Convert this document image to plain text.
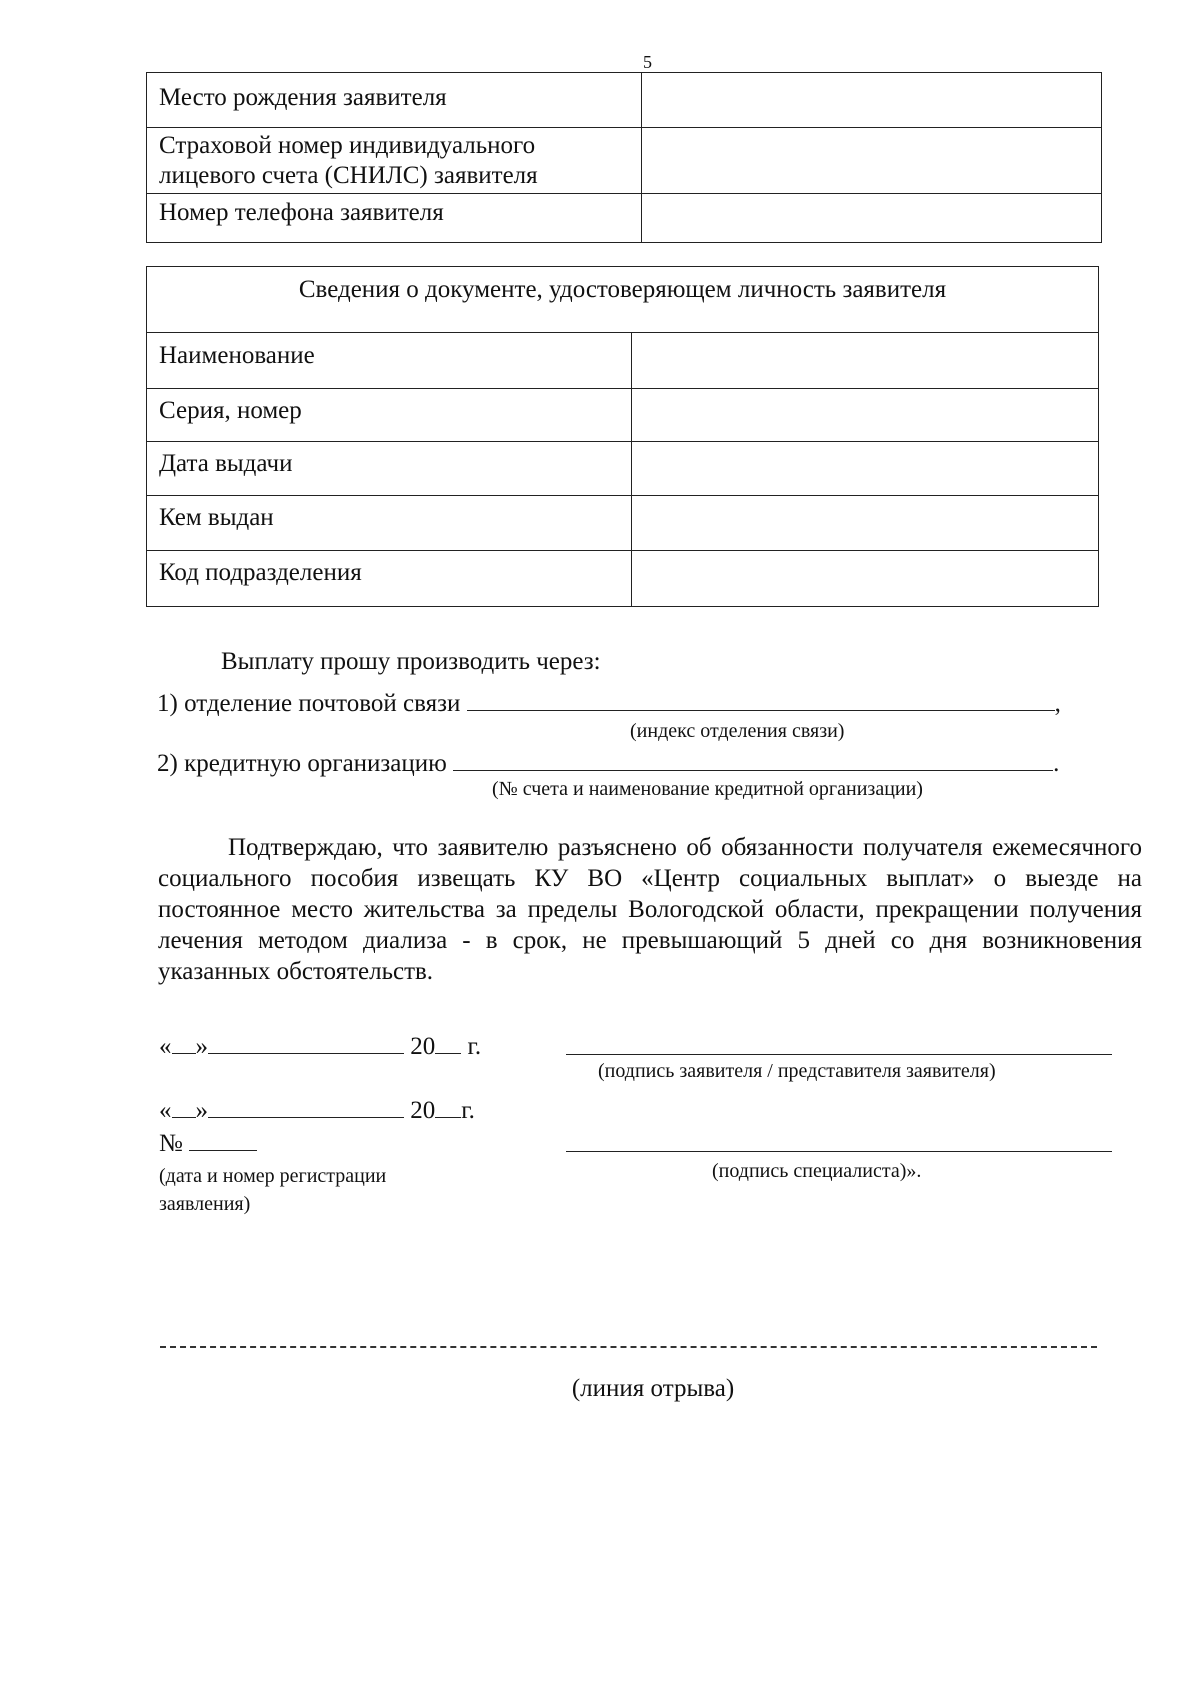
5
Место рождения заявителя	
Страховой номер индивидуального лицевого счета (СНИЛС) заявителя	
Номер телефона заявителя	
Сведения о документе, удостоверяющем личность заявителя	
Наименование	
Серия, номер	
Дата выдачи	
Кем выдан	
Код подразделения	
Выплату прошу производить через:
1) отделение почтовой связи	,
(индекс отделения связи)
2) кредитную организацию	.
(№ счета и наименование кредитной организации)
Подтверждаю, что заявителю разъяснено об обязанности получателя ежемесячного социального пособия извещать КУ ВО «Центр социальных выплат» о выезде на постоянное место жительства за пределы Вологодской области, прекращении получения лечения методом диализа - в срок, не превышающий 5 дней со дня возникновения указанных обстоятельств.
« »	20 г.
(подпись заявителя / представителя заявителя)
« »	20 г.
№
(дата и номер регистрации заявления)
(подпись специалиста)».
(линия отрыва)
